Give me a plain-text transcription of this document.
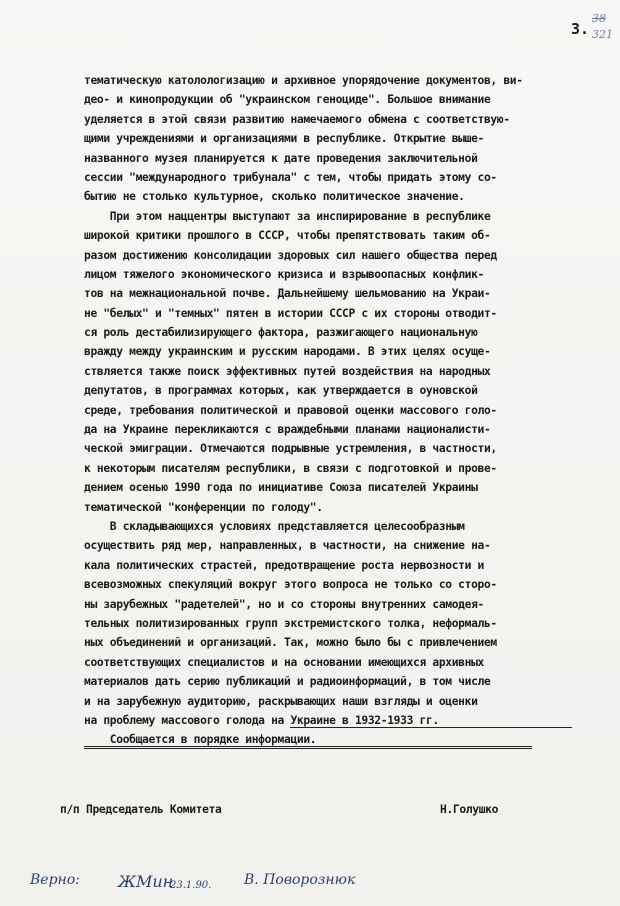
3.
38
321
тематическую католологизацию и архивное упорядочение документов, ви-
део- и кинопродукции об "украинском геноциде". Большое внимание
уделяется в этой связи развитию намечаемого обмена с соответствую-
щими учреждениями и организациями в республике. Открытие выше-
названного музея планируется к дате проведения заключительной
сессии "международного трибунала" с тем, чтобы придать этому со-
бытию не столько культурное, сколько политическое значение.
При этом наццентры выступают за инспирирование в республике
широкой критики прошлого в СССР, чтобы препятствовать таким об-
разом достижению консолидации здоровых сил нашего общества перед
лицом тяжелого экономического кризиса и взрывоопасных конфлик-
тов на межнациональной почве. Дальнейшему шельмованию на Украи-
не "белых" и "темных" пятен в истории СССР с их стороны отводит-
ся роль дестабилизирующего фактора, разжигающего национальную
вражду между украинским и русским народами. В этих целях осуще-
ствляется также поиск эффективных путей воздействия на народных
депутатов, в программах которых, как утверждается в оуновской
среде, требования политической и правовой оценки массового голо-
да на Украине перекликаются с враждебными планами националисти-
ческой эмиграции. Отмечаются подрывные устремления, в частности,
к некоторым писателям республики, в связи с подготовкой и прове-
дением осенью 1990 года по инициативе Союза писателей Украины
тематической "конференции по голоду".
В складывающихся условиях представляется целесообразным
осуществить ряд мер, направленных, в частности, на снижение на-
кала политических страстей, предотвращение роста нервозности и
всевозможных спекуляций вокруг этого вопроса не только со сторо-
ны зарубежных "радетелей", но и со стороны внутренних самодея-
тельных политизированных групп экстремистского толка, неформаль-
ных объединений и организаций. Так, можно было бы с привлечением
соответствующих специалистов и на основании имеющихся архивных
материалов дать серию публикаций и радиоинформаций, в том числе
и на зарубежную аудиторию, раскрывающих наши взгляды и оценки
на проблему массового голода на Украине в 1932-1933 гг.
Сообщается в порядке информации.
п/п Председатель Комитета	Н.Голушко
Верно: ЖМин
23.1.90. В. Поворознюк
